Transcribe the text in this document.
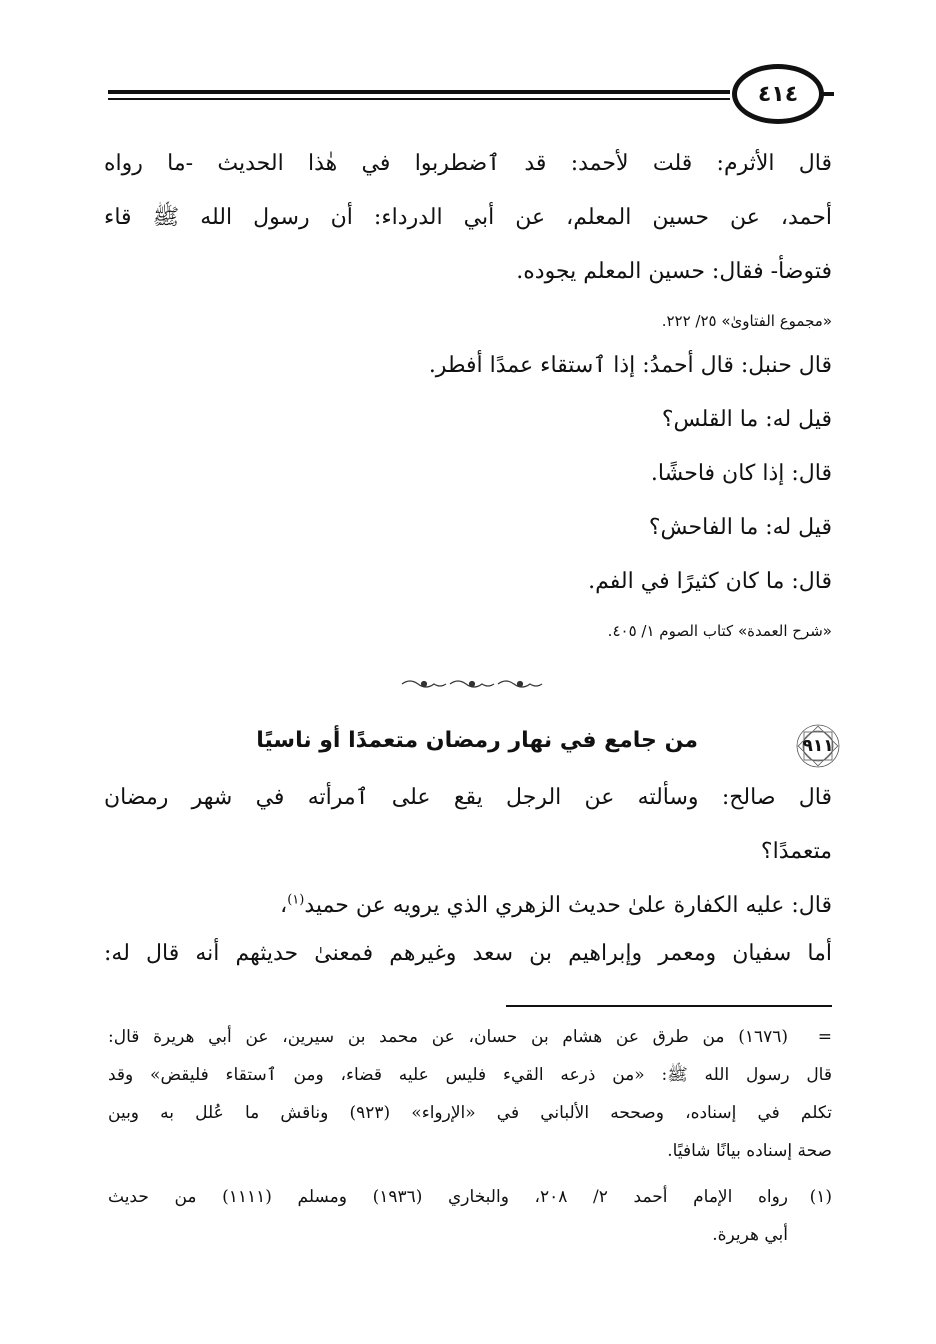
٤١٤
قال الأثرم: قلت لأحمد: قد ٱضطربوا في هٰذا الحديث -ما رواه
أحمد، عن حسين المعلم، عن أبي الدرداء: أن رسول الله ﷺ قاء
فتوضأ- فقال: حسين المعلم يجوده.
«مجموع الفتاوىٰ» ٢٥/ ٢٢٢.
قال حنبل: قال أحمدُ: إذا ٱستقاء عمدًا أفطر.
قيل له: ما القلس؟
قال: إذا كان فاحشًا.
قيل له: ما الفاحش؟
قال: ما كان كثيرًا في الفم.
«شرح العمدة» كتاب الصوم ١/ ٤٠٥.
٩١١
من جامع في نهار رمضان متعمدًا أو ناسيًا
قال صالح: وسألته عن الرجل يقع على ٱمرأته في شهر رمضان
متعمدًا؟
قال: عليه الكفارة علىٰ حديث الزهري الذي يرويه عن حميد$^{(١)}$،
أما سفيان ومعمر وإبراهيم بن سعد وغيرهم فمعنىٰ حديثهم أنه قال له:
=
(١٦٧٦) من طرق عن هشام بن حسان، عن محمد بن سيرين، عن أبي هريرة قال:
قال رسول الله ﷺ: «من ذرعه القيء فليس عليه قضاء، ومن ٱستقاء فليقض» وقد
تكلم في إسناده، وصححه الألباني في «الإرواء» (٩٢٣) وناقش ما عُلل به وبين
صحة إسناده بيانًا شافيًا.
(١)
رواه الإمام أحمد ٢/ ٢٠٨، والبخاري (١٩٣٦) ومسلم (١١١١) من حديث
أبي هريرة.
